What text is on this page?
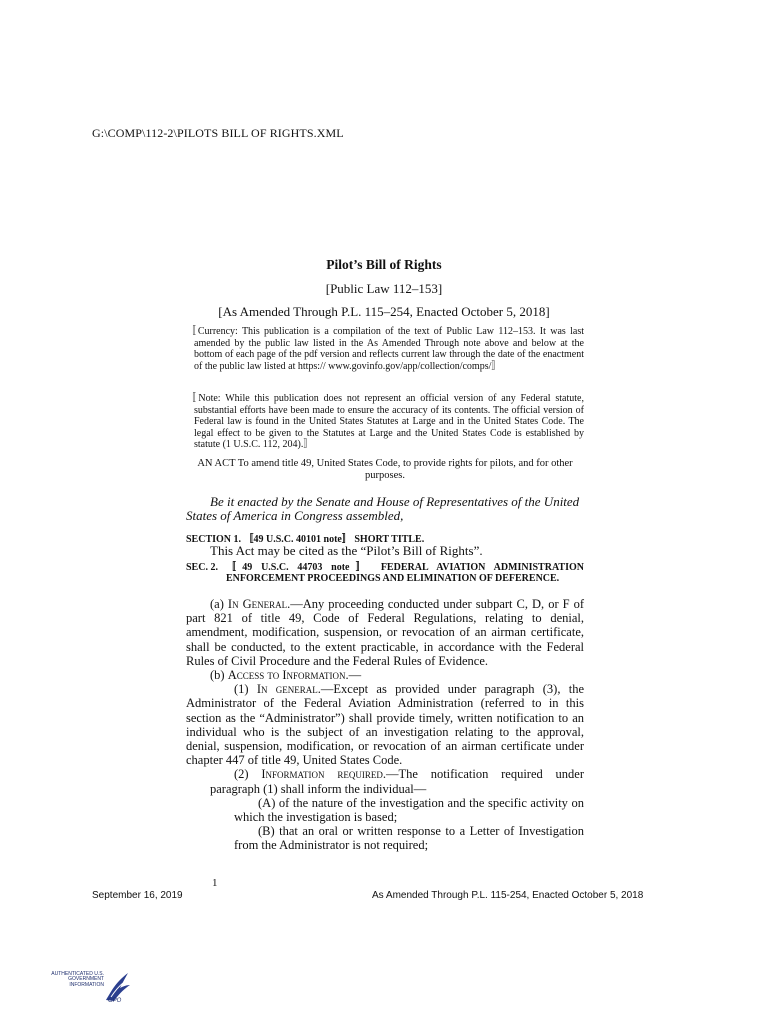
G:\COMP\112-2\PILOTS BILL OF RIGHTS.XML
Pilot’s Bill of Rights
[Public Law 112–153]
[As Amended Through P.L. 115–254, Enacted October 5, 2018]

〚Currency: This publication is a compilation of the text of Public Law 112–153. It was last amended by the public law listed in the As Amended Through note above and below at the bottom of each page of the pdf version and reflects current law through the date of the enactment of the public law listed at https:// www.govinfo.gov/app/collection/comps/〛

〚Note: While this publication does not represent an official version of any Federal statute, substantial efforts have been made to ensure the accuracy of its contents. The official version of Federal law is found in the United States Statutes at Large and in the United States Code. The legal effect to be given to the Statutes at Large and the United States Code is established by statute (1 U.S.C. 112, 204).〛

AN ACT To amend title 49, United States Code, to provide rights for pilots, and for other purposes.
Be it enacted by the Senate and House of Representatives of the United States of America in Congress assembled,
SECTION 1. 〚49 U.S.C. 40101 note〛 SHORT TITLE.
This Act may be cited as the “Pilot’s Bill of Rights”.
SEC. 2. 〚49 U.S.C. 44703 note〛 FEDERAL AVIATION ADMINISTRATION ENFORCEMENT PROCEEDINGS AND ELIMINATION OF DEFERENCE.

(a) In General.—Any proceeding conducted under subpart C, D, or F of part 821 of title 49, Code of Federal Regulations, relating to denial, amendment, modification, suspension, or revocation of an airman certificate, shall be conducted, to the extent practicable, in accordance with the Federal Rules of Civil Procedure and the Federal Rules of Evidence.

(b) Access to Information.—

(1) In general.—Except as provided under paragraph (3), the Administrator of the Federal Aviation Administration (referred to in this section as the “Administrator”) shall provide timely, written notification to an individual who is the subject of an investigation relating to the approval, denial, suspension, modification, or revocation of an airman certificate under chapter 447 of title 49, United States Code.

(2) Information required.—The notification required under paragraph (1) shall inform the individual—

(A) of the nature of the investigation and the specific activity on which the investigation is based;

(B) that an oral or written response to a Letter of Investigation from the Administrator is not required;

1
September 16, 2019	As Amended Through P.L. 115-254, Enacted October 5, 2018
AUTHENTICATED U.S. GOVERNMENT INFORMATION
GPO
